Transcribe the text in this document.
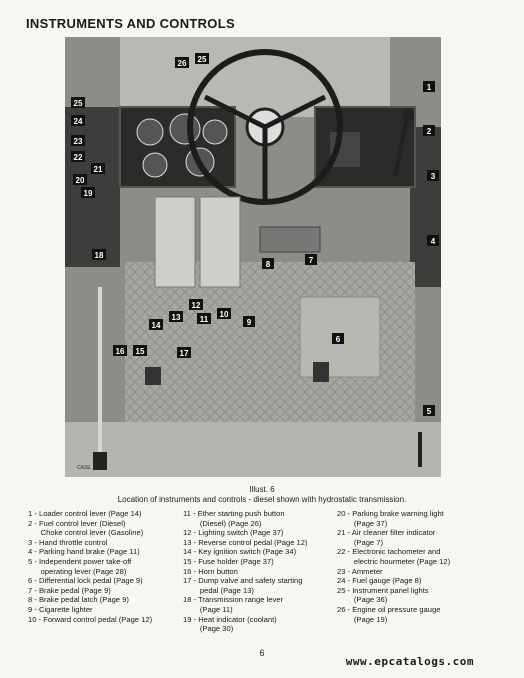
INSTRUMENTS AND CONTROLS
1
2
3
4
5
6
7
8
9
10
11
12
13
14
15
16	17
18
19
20
21
22
23
24
25
25
26
CASE
Illust. 6
Location of instruments and controls - diesel shown with hydrostatic transmission.
1 - Loader control lever (Page 14)
2 - Fuel control lever (Diesel)
Choke control lever (Gasoline)
3 - Hand throttle control
4 - Parking hand brake (Page 11)
5 - Independent power take-off
operating lever (Page 28)
6 - Differential lock pedal (Page 9)
7 - Brake pedal (Page 9)
8 - Brake pedal latch (Page 9)
9 - Cigarette lighter
10 - Forward control pedal (Page 12)
11 - Ether starting push button
(Diesel) (Page 26)
12 - Lighting switch (Page 37)
13 - Reverse control pedal (Page 12)
14 - Key ignition switch (Page 34)
15 - Fuse holder (Page 37)
16 - Horn button
17 - Dump valve and safety starting
pedal (Page 13)
18 - Transmission range lever
(Page 11)
19 - Heat indicator (coolant)
(Page 30)
20 - Parking brake warning light
(Page 37)
21 - Air cleaner filter indicator
(Page 7)
22 - Electronic tachometer and
electric hourmeter (Page 12)
23 - Ammeter
24 - Fuel gauge (Page 8)
25 - Instrument panel lights
(Page 36)
26 - Engine oil pressure gauge
(Page 19)
6
www.epcatalogs.com
